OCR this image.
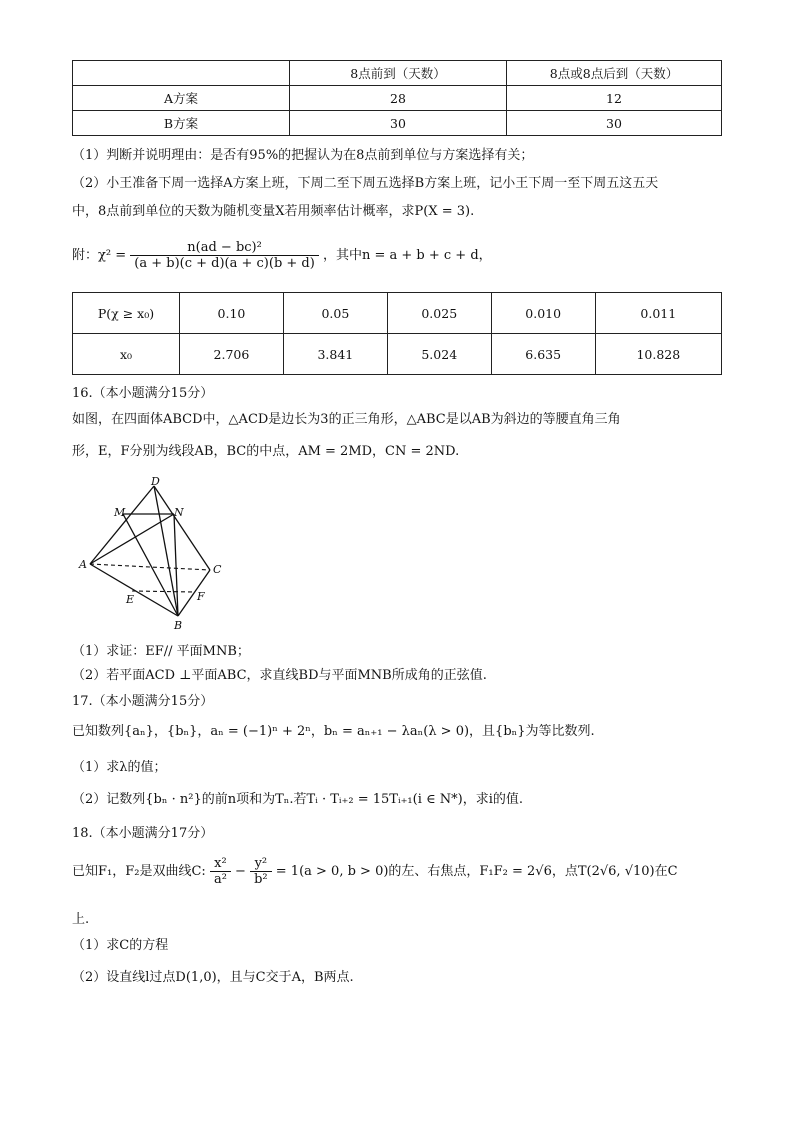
	8点前到（天数）	8点或8点后到（天数）
A方案	28	12
B方案	30	30
（1）判断并说明理由：是否有95%的把握认为在8点前到单位与方案选择有关；
（2）小王准备下周一选择A方案上班，下周二至下周五选择B方案上班，记小王下周一至下周五这五天
中，8点前到单位的天数为随机变量X若用频率估计概率，求P(X = 3).
附：$\chi^2 = \frac{\text{n(ad − bc)²}}{(a + b)(c + d)(a + c)(b + d)}$ ，其中n = a + b + c + d，
P(χ ≥ x₀)	0.10	0.05	0.025	0.010	0.011
x₀	2.706	3.841	5.024	6.635	10.828
16.（本小题满分15分）
如图，在四面体ABCD中，△ACD是边长为3的正三角形，△ABC是以AB为斜边的等腰直角三角
形，E，F分别为线段AB，BC的中点，AM = 2MD，CN = 2ND.
D
M	N
A	C
E	F
B
（1）求证：EF// 平面MNB；
（2）若平面ACD ⊥平面ABC，求直线BD与平面MNB所成角的正弦值.
17.（本小题满分15分）
已知数列{aₙ}，{bₙ}，aₙ = (−1)ⁿ + 2ⁿ，bₙ = aₙ₊₁ − λaₙ(λ > 0)，且{bₙ}为等比数列.
（1）求λ的值；
（2）记数列{bₙ · n²}的前n项和为Tₙ.若Tᵢ · Tᵢ₊₂ = 15Tᵢ₊₁(i ∈ N*)，求i的值.
18.（本小题满分17分）
已知F₁，F₂是双曲线C: $\frac{\text{x²}}{\text{a²}} - \frac{\text{y²}}{\text{b²}} = 1(a > 0$, b > 0)的左、右焦点，F₁F₂ = 2√6，点T(2√6, √10)在C
上.
（1）求C的方程
（2）设直线l过点D(1,0)，且与C交于A，B两点.
